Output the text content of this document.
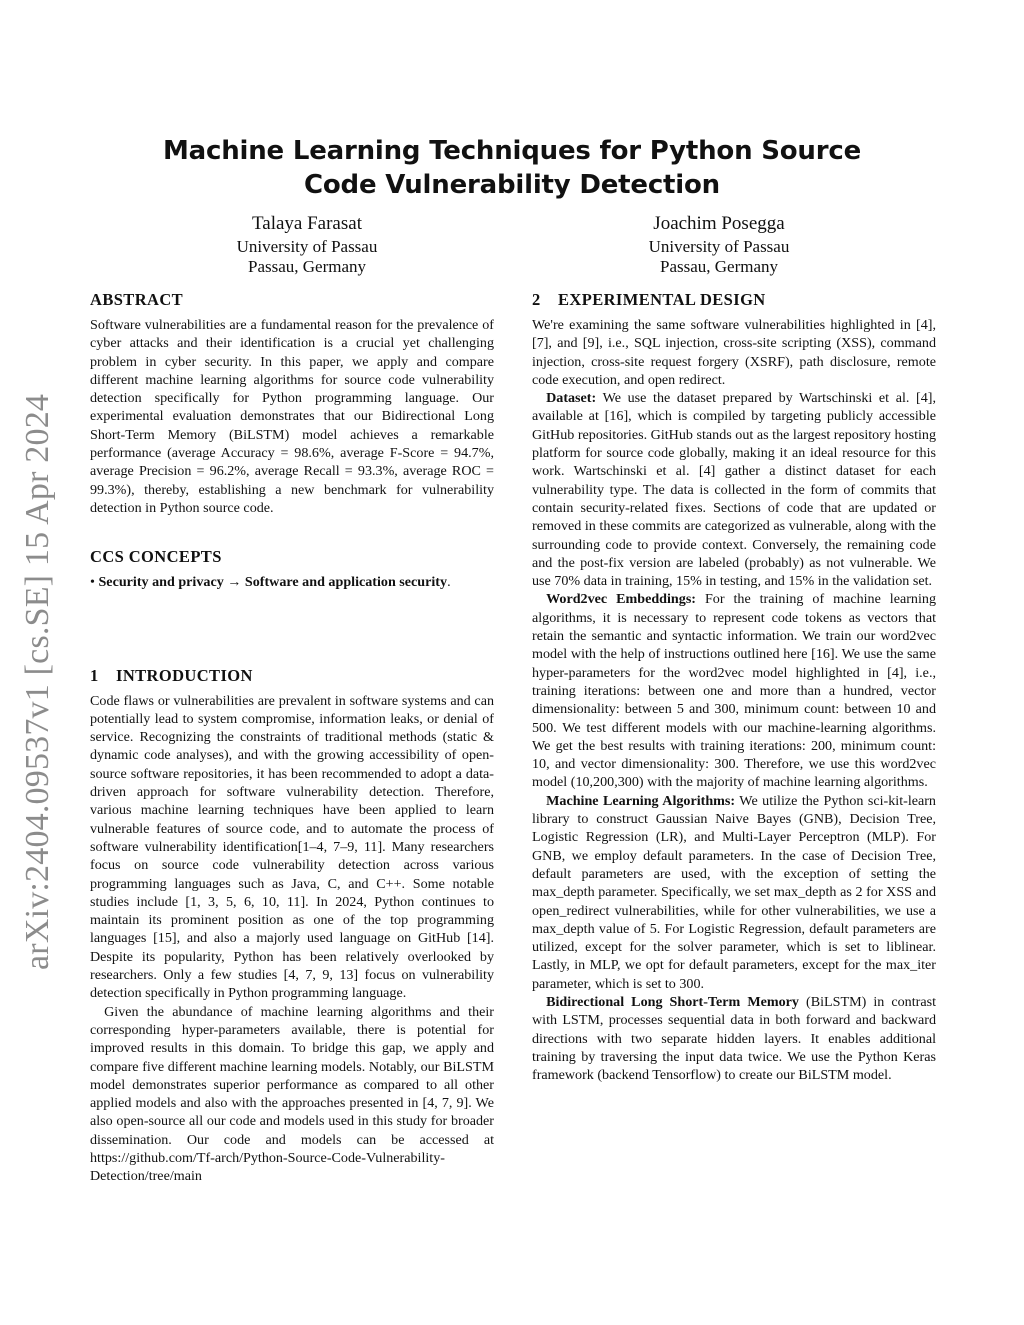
arXiv:2404.09537v1 [cs.SE] 15 Apr 2024
Machine Learning Techniques for Python Source Code Vulnerability Detection
Talaya Farasat
University of Passau
Passau, Germany
Joachim Posegga
University of Passau
Passau, Germany
ABSTRACT

Software vulnerabilities are a fundamental reason for the prevalence of cyber attacks and their identification is a crucial yet challenging problem in cyber security. In this paper, we apply and compare different machine learning algorithms for source code vulnerability detection specifically for Python programming language. Our experimental evaluation demonstrates that our Bidirectional Long Short-Term Memory (BiLSTM) model achieves a remarkable performance (average Accuracy = 98.6%, average F-Score = 94.7%, average Precision = 96.2%, average Recall = 93.3%, average ROC = 99.3%), thereby, establishing a new benchmark for vulnerability detection in Python source code.

CCS CONCEPTS

• Security and privacy → Software and application security.

1 INTRODUCTION

Code flaws or vulnerabilities are prevalent in software systems and can potentially lead to system compromise, information leaks, or denial of service. Recognizing the constraints of traditional methods (static & dynamic code analyses), and with the growing accessibility of open-source software repositories, it has been recommended to adopt a data-driven approach for software vulnerability detection. Therefore, various machine learning techniques have been applied to learn vulnerable features of source code, and to automate the process of software vulnerability identification[1–4, 7–9, 11]. Many researchers focus on source code vulnerability detection across various programming languages such as Java, C, and C++. Some notable studies include [1, 3, 5, 6, 10, 11]. In 2024, Python continues to maintain its prominent position as one of the top programming languages [15], and also a majorly used language on GitHub [14]. Despite its popularity, Python has been relatively overlooked by researchers. Only a few studies [4, 7, 9, 13] focus on vulnerability detection specifically in Python programming language.

Given the abundance of machine learning algorithms and their corresponding hyper-parameters available, there is potential for improved results in this domain. To bridge this gap, we apply and compare five different machine learning models. Notably, our BiLSTM model demonstrates superior performance as compared to all other applied models and also with the approaches presented in [4, 7, 9]. We also open-source all our code and models used in this study for broader dissemination. Our code and models can be accessed at https://github.com/Tf-arch/Python-Source-Code-Vulnerability-Detection/tree/main

2 EXPERIMENTAL DESIGN

We're examining the same software vulnerabilities highlighted in [4], [7], and [9], i.e., SQL injection, cross-site scripting (XSS), command injection, cross-site request forgery (XSRF), path disclosure, remote code execution, and open redirect.

Dataset: We use the dataset prepared by Wartschinski et al. [4], available at [16], which is compiled by targeting publicly accessible GitHub repositories. GitHub stands out as the largest repository hosting platform for source code globally, making it an ideal resource for this work. Wartschinski et al. [4] gather a distinct dataset for each vulnerability type. The data is collected in the form of commits that contain security-related fixes. Sections of code that are updated or removed in these commits are categorized as vulnerable, along with the surrounding code to provide context. Conversely, the remaining code and the post-fix version are labeled (probably) as not vulnerable. We use 70% data in training, 15% in testing, and 15% in the validation set.

Word2vec Embeddings: For the training of machine learning algorithms, it is necessary to represent code tokens as vectors that retain the semantic and syntactic information. We train our word2vec model with the help of instructions outlined here [16]. We use the same hyper-parameters for the word2vec model highlighted in [4], i.e., training iterations: between one and more than a hundred, vector dimensionality: between 5 and 300, minimum count: between 10 and 500. We test different models with our machine-learning algorithms. We get the best results with training iterations: 200, minimum count: 10, and vector dimensionality: 300. Therefore, we use this word2vec model (10,200,300) with the majority of machine learning algorithms.

Machine Learning Algorithms: We utilize the Python sci-kit-learn library to construct Gaussian Naive Bayes (GNB), Decision Tree, Logistic Regression (LR), and Multi-Layer Perceptron (MLP). For GNB, we employ default parameters. In the case of Decision Tree, default parameters are used, with the exception of setting the max_depth parameter. Specifically, we set max_depth as 2 for XSS and open_redirect vulnerabilities, while for other vulnerabilities, we use a max_depth value of 5. For Logistic Regression, default parameters are utilized, except for the solver parameter, which is set to liblinear. Lastly, in MLP, we opt for default parameters, except for the max_iter parameter, which is set to 300.

Bidirectional Long Short-Term Memory (BiLSTM) in contrast with LSTM, processes sequential data in both forward and backward directions with two separate hidden layers. It enables additional training by traversing the input data twice. We use the Python Keras framework (backend Tensorflow) to create our BiLSTM model.
